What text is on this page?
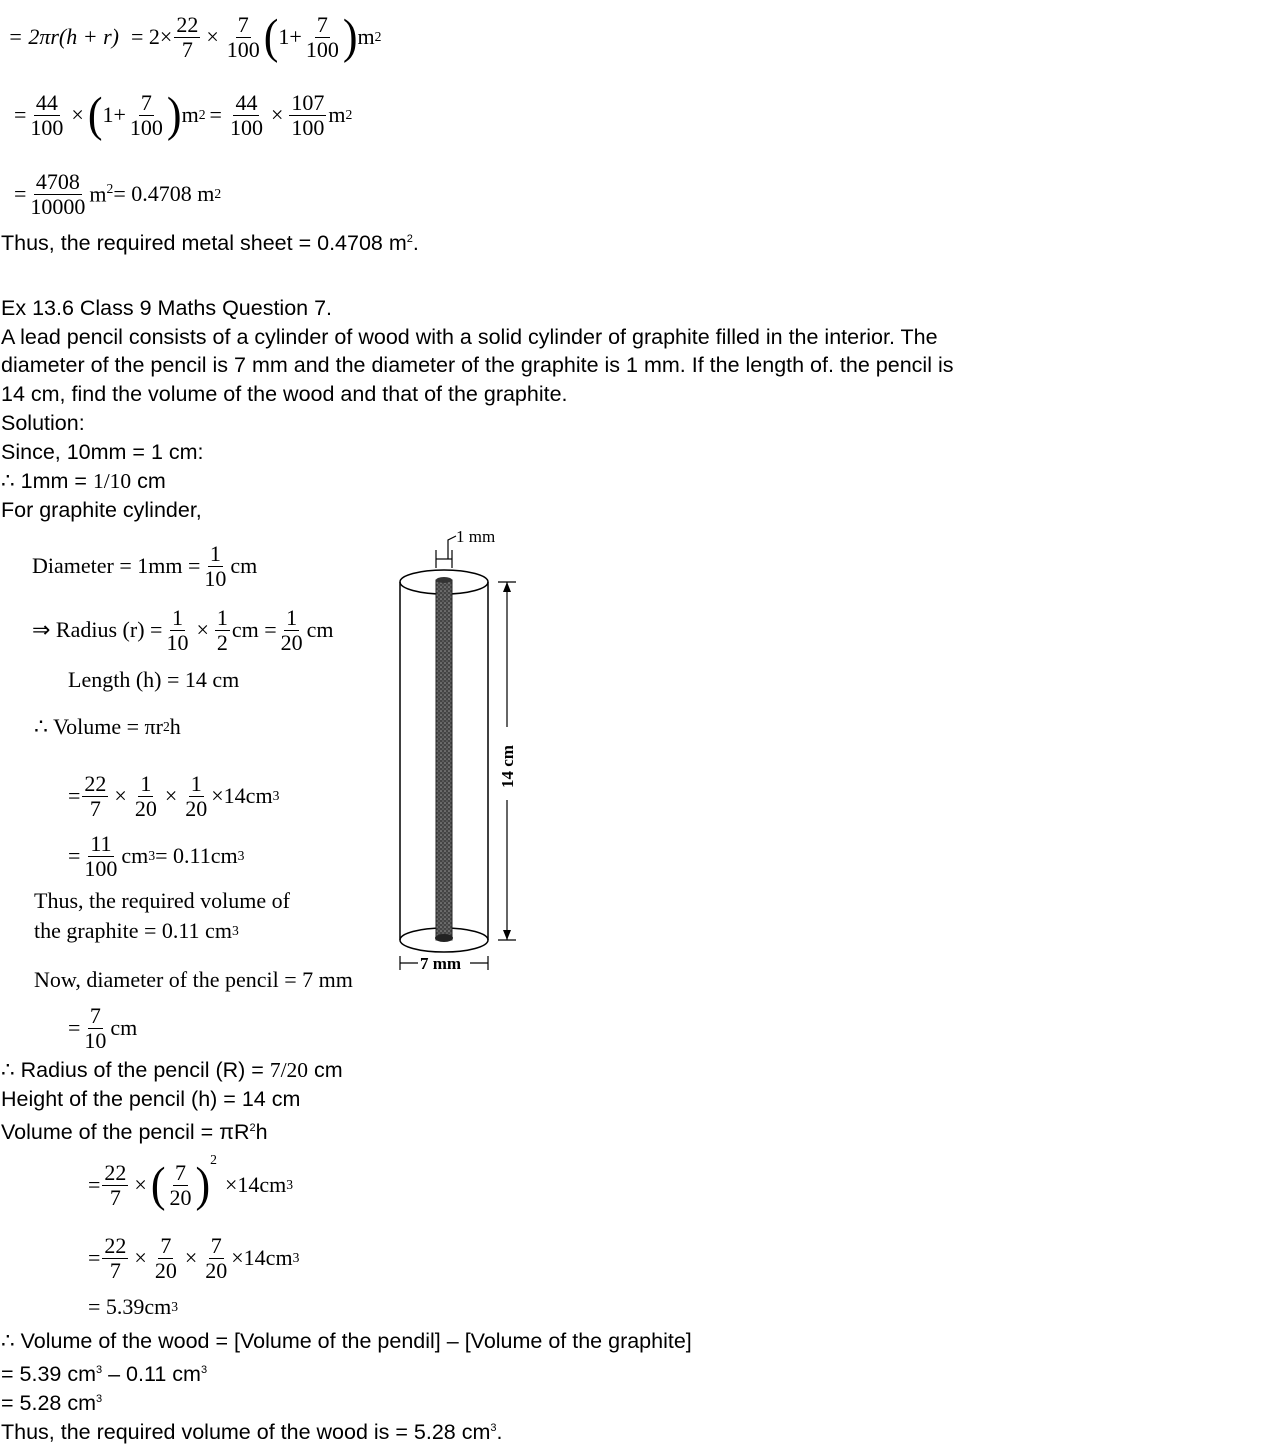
= $2\pi r(h + r) = 2\times \frac{22}{7} \times \frac{7}{100}$ ( $1+ \frac{7}{100}$ ) m 2
= $\frac{44}{100}$ × ( $1+ \frac{7}{100}$ ) m $2 = \frac{44}{100} \times \frac{107}{100}$ m 2
= $\frac{4708}{10000} m^2 = 0.4708$ m 2
Thus, the required metal sheet = 0.4708 $m^2$.
Ex 13.6 Class 9 Maths Question 7.
A lead pencil consists of a cylinder of wood with a solid cylinder of graphite filled in the interior. The
diameter of the pencil is 7 mm and the diameter of the graphite is 1 mm. If the length of. the pencil is
14 cm, find the volume of the wood and that of the graphite.
Solution:
Since, 10mm = 1 cm:
∴ 1mm = 1/10 cm
For graphite cylinder,
Diameter = $1mm = \frac{1}{10}$ cm
⇒ Radius $(r) = \frac{1}{10} \times \frac{1}{2}$ cm = $\frac{1}{20}$ cm
Length (h) = 14 cm
∴ Volume = πr 2 h
= $\frac{22}{7} \times \frac{1}{20} \times \frac{1}{20} \times 14cm$ 3
= $\frac{11}{100}$ cm 3 = 0.11cm 3
Thus, the required volume of
the graphite = 0.11 cm 3
Now, diameter of the pencil = 7 mm
= $\frac{7}{10}$ cm
1 mm
14 cm
7 mm
∴ Radius of the pencil (R) = 7/20 cm
Height of the pencil (h) = 14 cm
Volume of the pencil = $\pi R^2h$
= $\frac{22}{7}$ × ( $\frac{7}{20} )^2$
×14cm 3
= $\frac{22}{7} \times \frac{7}{20} \times \frac{7}{20} \times 14cm$ 3
= 5.39cm 3
∴ Volume of the wood = [Volume of the pendil] – [Volume of the graphite]
= 5.39 $cm^3 - 0.11$ $cm^3$
= 5.28 $cm^3$
Thus, the required volume of the wood is = 5.28 $cm^3$.
